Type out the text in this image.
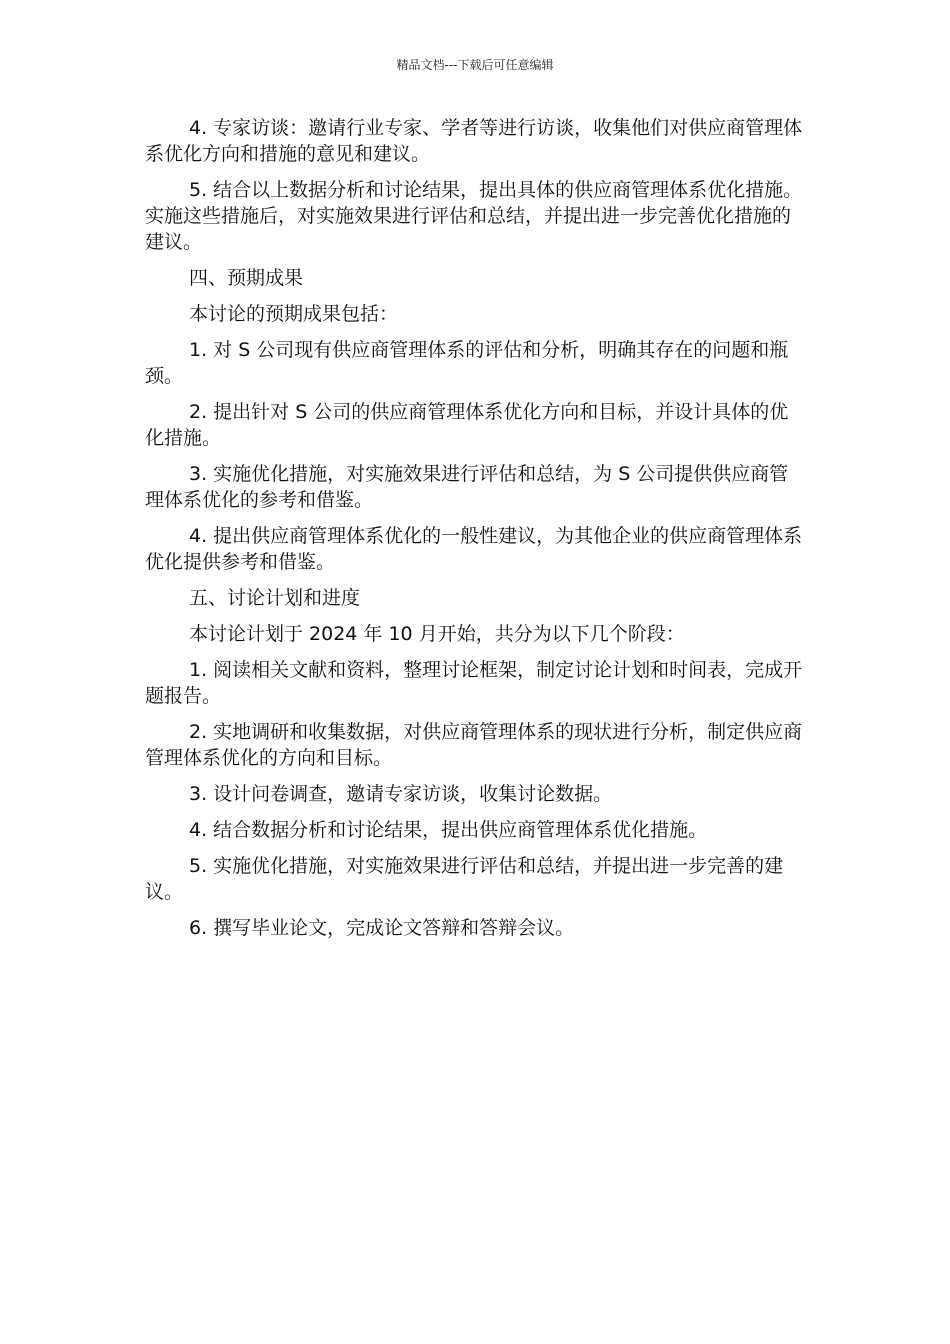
精品文档---下载后可任意编辑

4. 专家访谈：邀请行业专家、学者等进行访谈，收集他们对供应商管理体系优化方向和措施的意见和建议。

5. 结合以上数据分析和讨论结果，提出具体的供应商管理体系优化措施。实施这些措施后，对实施效果进行评估和总结，并提出进一步完善优化措施的建议。

四、预期成果

本讨论的预期成果包括：

1. 对 S 公司现有供应商管理体系的评估和分析，明确其存在的问题和瓶颈。

2. 提出针对 S 公司的供应商管理体系优化方向和目标，并设计具体的优化措施。

3. 实施优化措施，对实施效果进行评估和总结，为 S 公司提供供应商管理体系优化的参考和借鉴。

4. 提出供应商管理体系优化的一般性建议，为其他企业的供应商管理体系优化提供参考和借鉴。

五、讨论计划和进度

本讨论计划于 2024 年 10 月开始，共分为以下几个阶段：

1. 阅读相关文献和资料，整理讨论框架，制定讨论计划和时间表，完成开题报告。

2. 实地调研和收集数据，对供应商管理体系的现状进行分析，制定供应商管理体系优化的方向和目标。

3. 设计问卷调查，邀请专家访谈，收集讨论数据。

4. 结合数据分析和讨论结果，提出供应商管理体系优化措施。

5. 实施优化措施，对实施效果进行评估和总结，并提出进一步完善的建议。

6. 撰写毕业论文，完成论文答辩和答辩会议。
